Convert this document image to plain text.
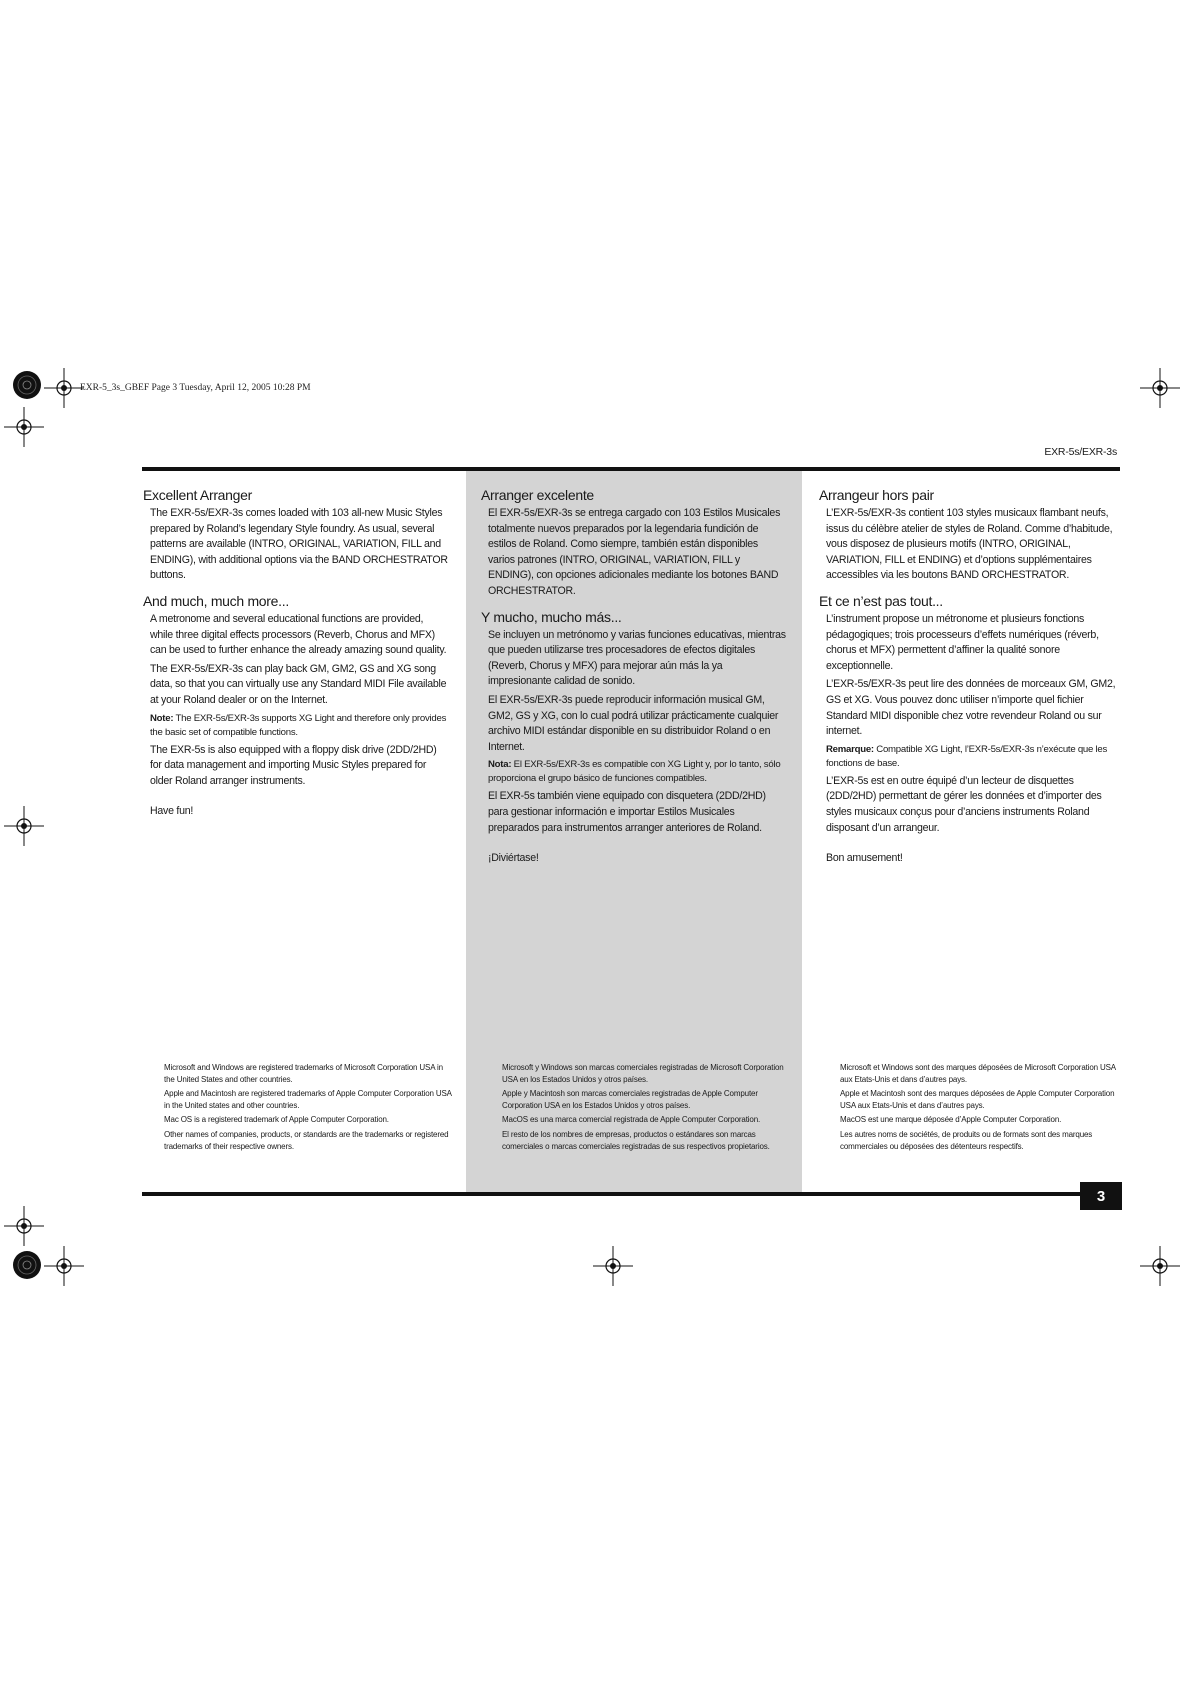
EXR-5_3s_GBEF Page 3 Tuesday, April 12, 2005 10:28 PM
EXR-5s/EXR-3s
Excellent Arranger

The EXR-5s/EXR-3s comes loaded with 103 all-new Music Styles prepared by Roland’s legendary Style foundry. As usual, several patterns are available (INTRO, ORIGINAL, VARIATION, FILL and ENDING), with additional options via the BAND ORCHESTRATOR buttons.

And much, much more...

A metronome and several educational functions are provided, while three digital effects processors (Reverb, Chorus and MFX) can be used to further enhance the already amazing sound quality.

The EXR-5s/EXR-3s can play back GM, GM2, GS and XG song data, so that you can virtually use any Standard MIDI File available at your Roland dealer or on the Internet.

Note: The EXR-5s/EXR-3s supports XG Light and therefore only provides the basic set of compatible functions.

The EXR-5s is also equipped with a floppy disk drive (2DD/2HD) for data management and importing Music Styles prepared for older Roland arranger instruments.

Have fun!

Arranger excelente

El EXR-5s/EXR-3s se entrega cargado con 103 Estilos Musicales totalmente nuevos preparados por la legendaria fundición de estilos de Roland. Como siempre, también están disponibles varios patrones (INTRO, ORIGINAL, VARIATION, FILL y ENDING), con opciones adicionales mediante los botones BAND ORCHESTRATOR.

Y mucho, mucho más...

Se incluyen un metrónomo y varias funciones educativas, mientras que pueden utilizarse tres procesadores de efectos digitales (Reverb, Chorus y MFX) para mejorar aún más la ya impresionante calidad de sonido.

El EXR-5s/EXR-3s puede reproducir información musical GM, GM2, GS y XG, con lo cual podrá utilizar prácticamente cualquier archivo MIDI estándar disponible en su distribuidor Roland o en Internet.

Nota: El EXR-5s/EXR-3s es compatible con XG Light y, por lo tanto, sólo proporciona el grupo básico de funciones compatibles.

El EXR-5s también viene equipado con disquetera (2DD/2HD) para gestionar información e importar Estilos Musicales preparados para instrumentos arranger anteriores de Roland.

¡Diviértase!

Arrangeur hors pair

L’EXR-5s/EXR-3s contient 103 styles musicaux flambant neufs, issus du célèbre atelier de styles de Roland. Comme d’habitude, vous disposez de plusieurs motifs (INTRO, ORIGINAL, VARIATION, FILL et ENDING) et d’options supplémentaires accessibles via les boutons BAND ORCHESTRATOR.

Et ce n’est pas tout...

L’instrument propose un métronome et plusieurs fonctions pédagogiques; trois processeurs d’effets numériques (réverb, chorus et MFX) permettent d’affiner la qualité sonore exceptionnelle.

L’EXR-5s/EXR-3s peut lire des données de morceaux GM, GM2, GS et XG. Vous pouvez donc utiliser n’importe quel fichier Standard MIDI disponible chez votre revendeur Roland ou sur internet.

Remarque: Compatible XG Light, l’EXR-5s/EXR-3s n’exécute que les fonctions de base.

L’EXR-5s est en outre équipé d’un lecteur de disquettes (2DD/2HD) permettant de gérer les données et d’importer des styles musicaux conçus pour d’anciens instruments Roland disposant d’un arrangeur.

Bon amusement!

Microsoft and Windows are registered trademarks of Microsoft Corporation USA in the United States and other countries.

Apple and Macintosh are registered trademarks of Apple Computer Corporation USA in the United states and other countries.

Mac OS is a registered trademark of Apple Computer Corporation.

Other names of companies, products, or standards are the trademarks or registered trademarks of their respective owners.

Microsoft y Windows son marcas comerciales registradas de Microsoft Corporation USA en los Estados Unidos y otros países.

Apple y Macintosh son marcas comerciales registradas de Apple Computer Corporation USA en los Estados Unidos y otros países.

MacOS es una marca comercial registrada de Apple Computer Corporation.

El resto de los nombres de empresas, productos o estándares son marcas comerciales o marcas comerciales registradas de sus respectivos propietarios.

Microsoft et Windows sont des marques déposées de Microsoft Corporation USA aux Etats-Unis et dans d’autres pays.

Apple et Macintosh sont des marques déposées de Apple Computer Corporation USA aux Etats-Unis et dans d’autres pays.

MacOS est une marque déposée d’Apple Computer Corporation.

Les autres noms de sociétés, de produits ou de formats sont des marques commerciales ou déposées des détenteurs respectifs.

3
